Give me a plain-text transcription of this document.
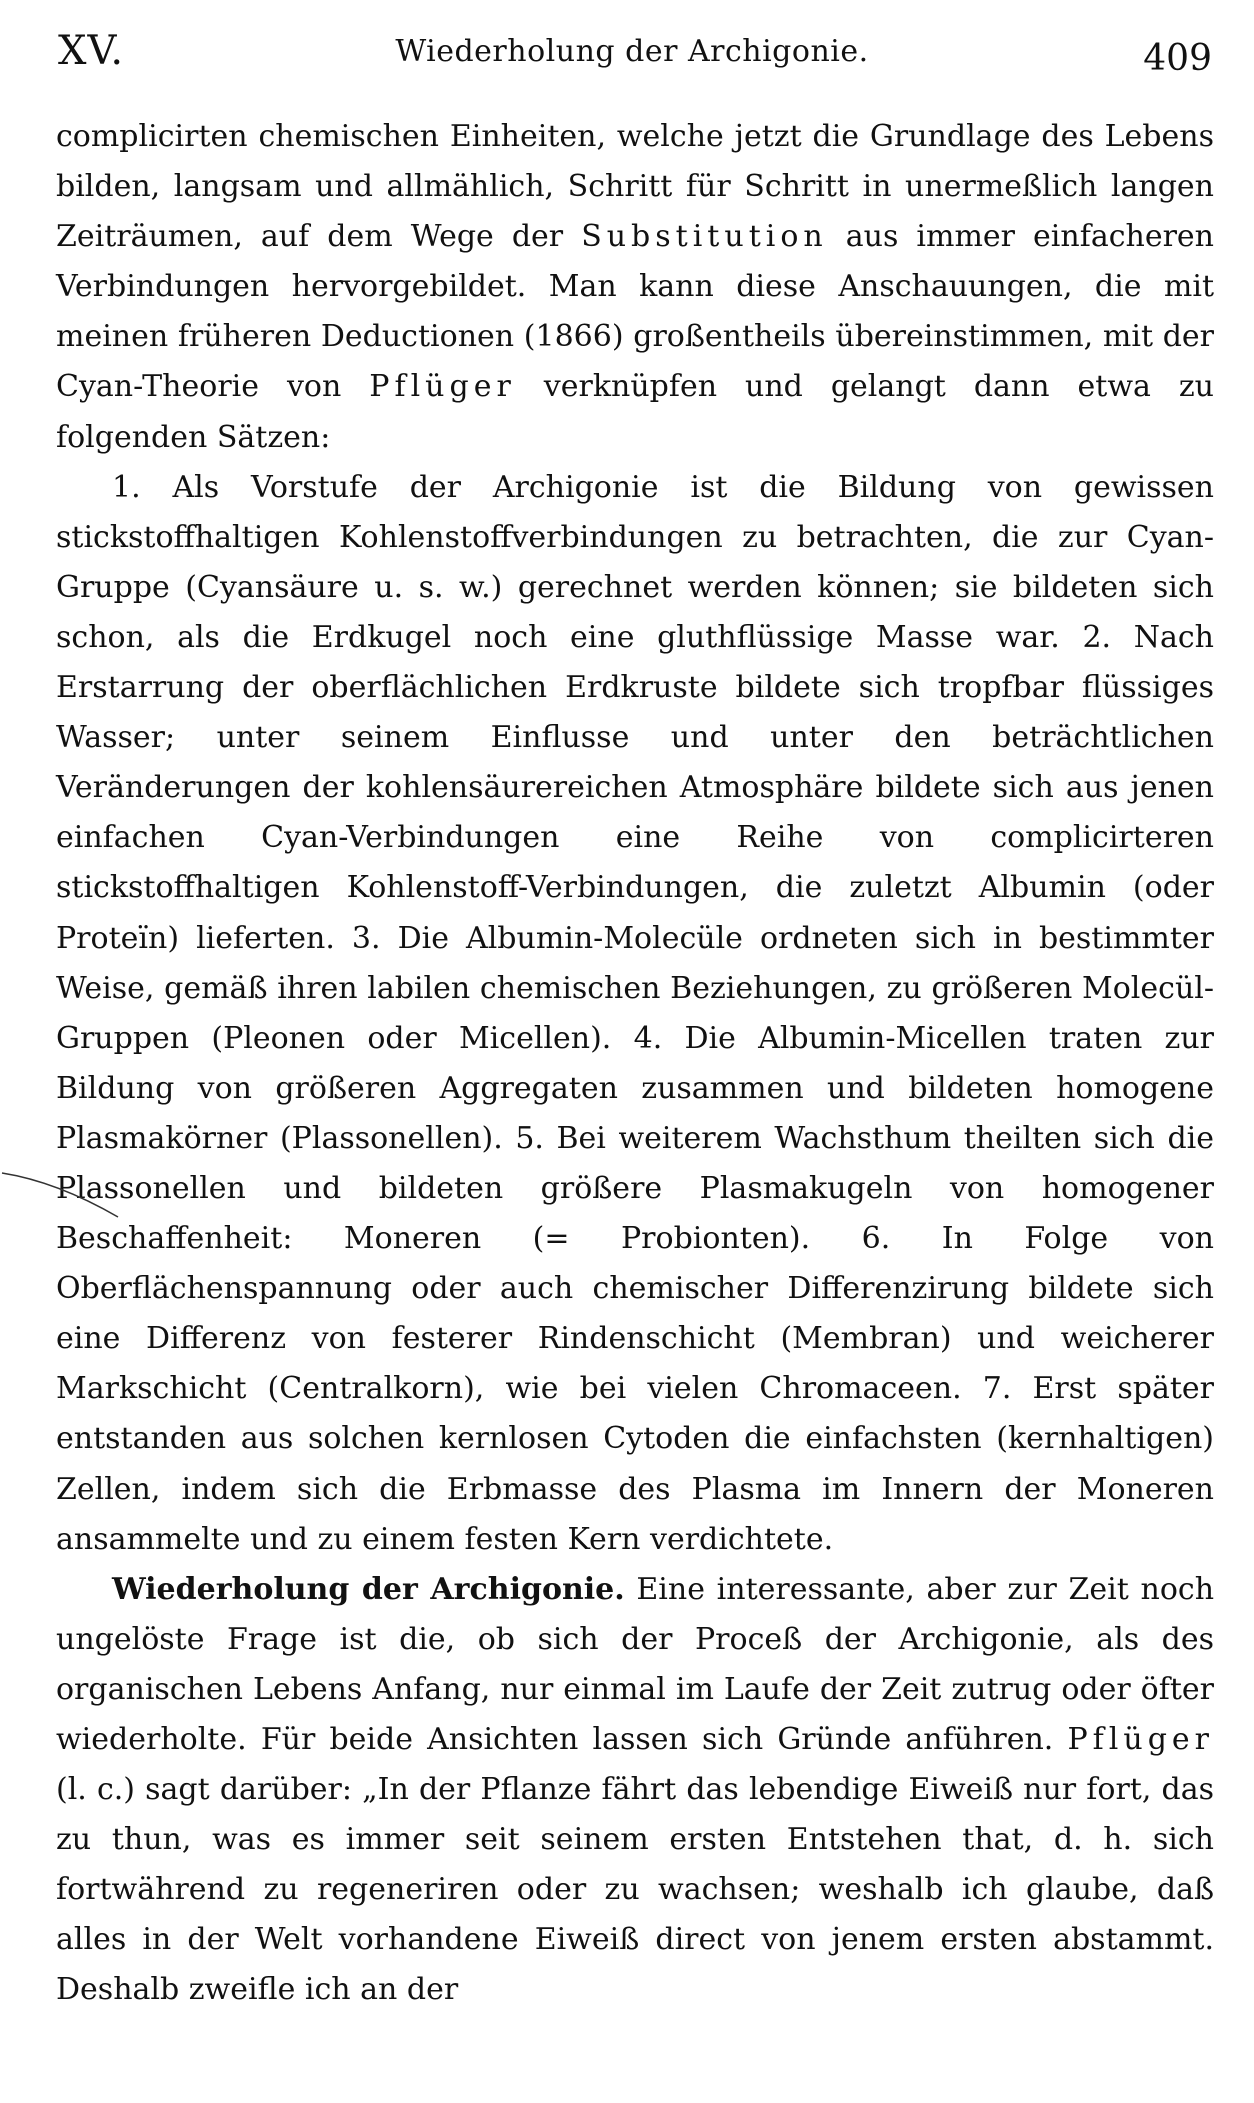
XV.	Wiederholung der Archigonie.	409

complicirten chemischen Einheiten, welche jetzt die Grundlage des Lebens bilden, langsam und allmählich, Schritt für Schritt in unermeßlich langen Zeiträumen, auf dem Wege der Substitution aus immer einfacheren Verbindungen hervorgebildet. Man kann diese Anschauungen, die mit meinen früheren Deductionen (1866) großentheils übereinstimmen, mit der Cyan-Theorie von Pflüger verknüpfen und gelangt dann etwa zu folgenden Sätzen:

1. Als Vorstufe der Archigonie ist die Bildung von gewissen stickstoffhaltigen Kohlenstoffverbindungen zu betrachten, die zur Cyan-Gruppe (Cyansäure u. s. w.) gerechnet werden können; sie bildeten sich schon, als die Erdkugel noch eine gluthflüssige Masse war. 2. Nach Erstarrung der oberflächlichen Erdkruste bildete sich tropfbar flüssiges Wasser; unter seinem Einflusse und unter den beträchtlichen Veränderungen der kohlensäurereichen Atmosphäre bildete sich aus jenen einfachen Cyan-Verbindungen eine Reihe von complicirteren stickstoffhaltigen Kohlenstoff-Verbindungen, die zuletzt Albumin (oder Proteïn) lieferten. 3. Die Albumin-Molecüle ordneten sich in bestimmter Weise, gemäß ihren labilen chemischen Beziehungen, zu größeren Molecül-Gruppen (Pleonen oder Micellen). 4. Die Albumin-Micellen traten zur Bildung von größeren Aggregaten zusammen und bildeten homogene Plasmakörner (Plassonellen). 5. Bei weiterem Wachsthum theilten sich die Plassonellen und bildeten größere Plasmakugeln von homogener Beschaffenheit: Moneren (= Probionten). 6. In Folge von Oberflächenspannung oder auch chemischer Differenzirung bildete sich eine Differenz von festerer Rindenschicht (Membran) und weicherer Markschicht (Centralkorn), wie bei vielen Chromaceen. 7. Erst später entstanden aus solchen kernlosen Cytoden die einfachsten (kernhaltigen) Zellen, indem sich die Erbmasse des Plasma im Innern der Moneren ansammelte und zu einem festen Kern verdichtete.

Wiederholung der Archigonie. Eine interessante, aber zur Zeit noch ungelöste Frage ist die, ob sich der Proceß der Archigonie, als des organischen Lebens Anfang, nur einmal im Laufe der Zeit zutrug oder öfter wiederholte. Für beide Ansichten lassen sich Gründe anführen. Pflüger (l. c.) sagt darüber: „In der Pflanze fährt das lebendige Eiweiß nur fort, das zu thun, was es immer seit seinem ersten Entstehen that, d. h. sich fortwährend zu regeneriren oder zu wachsen; weshalb ich glaube, daß alles in der Welt vorhandene Eiweiß direct von jenem ersten abstammt. Deshalb zweifle ich an der
